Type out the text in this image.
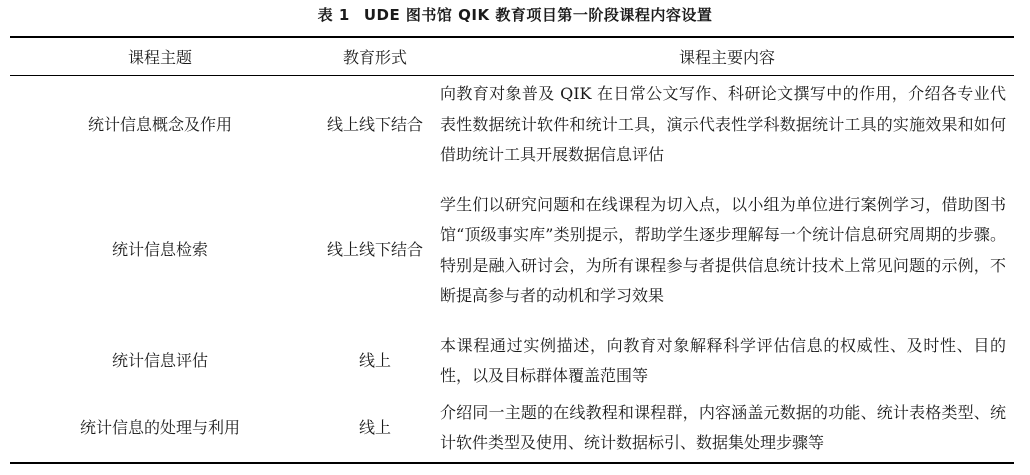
表 1 UDE 图书馆 QIK 教育项目第一阶段课程内容设置
课程主题	教育形式	课程主要内容
统计信息概念及作用	线上线下结合	向教育对象普及 QIK 在日常公文写作、科研论文撰写中的作用，介绍各专业代表性数据统计软件和统计工具，演示代表性学科数据统计工具的实施效果和如何借助统计工具开展数据信息评估
统计信息检索	线上线下结合	学生们以研究问题和在线课程为切入点，以小组为单位进行案例学习，借助图书馆“顶级事实库”类别提示，帮助学生逐步理解每一个统计信息研究周期的步骤。特别是融入研讨会，为所有课程参与者提供信息统计技术上常见问题的示例，不断提高参与者的动机和学习效果
统计信息评估	线上	本课程通过实例描述，向教育对象解释科学评估信息的权威性、及时性、目的性，以及目标群体覆盖范围等
统计信息的处理与利用	线上	介绍同一主题的在线教程和课程群，内容涵盖元数据的功能、统计表格类型、统计软件类型及使用、统计数据标引、数据集处理步骤等
